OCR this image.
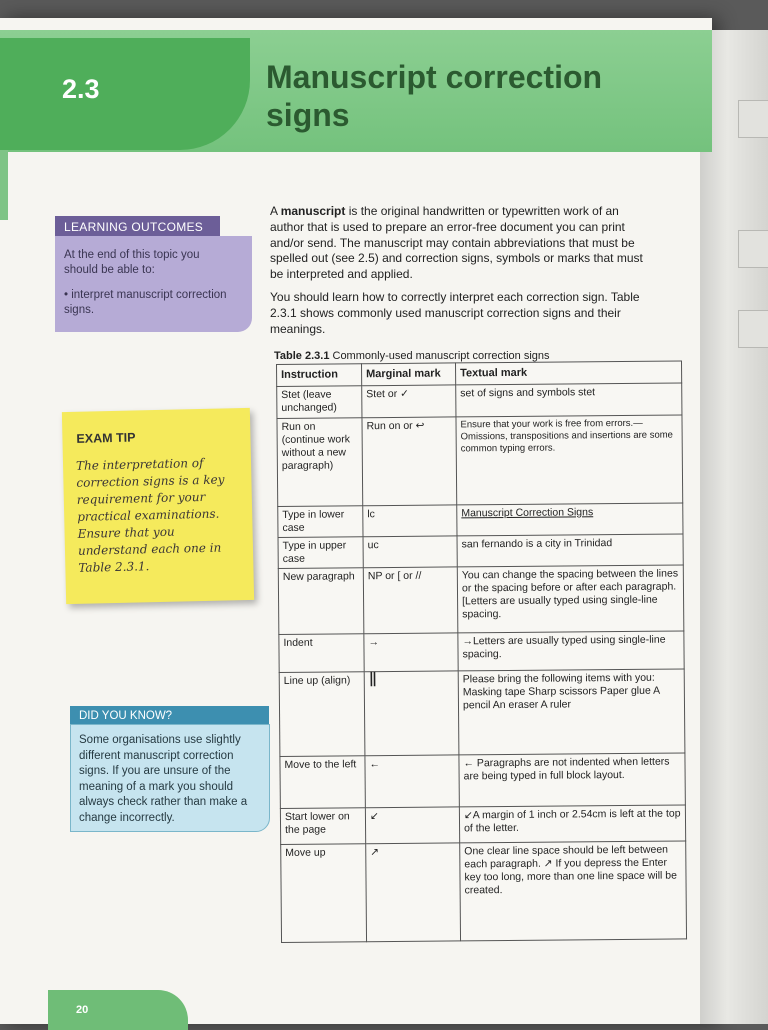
2.3	Manuscript correction signs
LEARNING OUTCOMES
At the end of this topic you should be able to:
• interpret manuscript correction signs.
EXAM TIP
The interpretation of correction signs is a key requirement for your practical examinations. Ensure that you understand each one in Table 2.3.1.
DID YOU KNOW?
Some organisations use slightly different manuscript correction signs. If you are unsure of the meaning of a mark you should always check rather than make a change incorrectly.
A manuscript is the original handwritten or typewritten work of an author that is used to prepare an error-free document you can print and/or send. The manuscript may contain abbreviations that must be spelled out (see 2.5) and correction signs, symbols or marks that must be interpreted and applied.
You should learn how to correctly interpret each correction sign. Table 2.3.1 shows commonly used manuscript correction signs and their meanings.
Table 2.3.1 Commonly-used manuscript correction signs
Instruction	Marginal mark	Textual mark
Stet (leave unchanged)	Stet or ✓	set of signs and symbols stet
Run on (continue work without a new paragraph)	Run on or ↩	Ensure that your work is free from errors.— Omissions, transpositions and insertions are some common typing errors.
Type in lower case	lc	Manuscript Correction Signs
Type in upper case	uc	san fernando is a city in Trinidad
New paragraph	NP or [ or //	You can change the spacing between the lines or the spacing before or after each paragraph. [Letters are usually typed using single-line spacing.
Indent	→	→Letters are usually typed using single-line spacing.
Line up (align)	‖	Please bring the following items with you: Masking tape Sharp scissors Paper glue A pencil An eraser A ruler
Move to the left	←	← Paragraphs are not indented when letters are being typed in full block layout.
Start lower on the page	↙	↙A margin of 1 inch or 2.54cm is left at the top of the letter.
Move up	↗	One clear line space should be left between each paragraph. ↗ If you depress the Enter key too long, more than one line space will be created.
20
